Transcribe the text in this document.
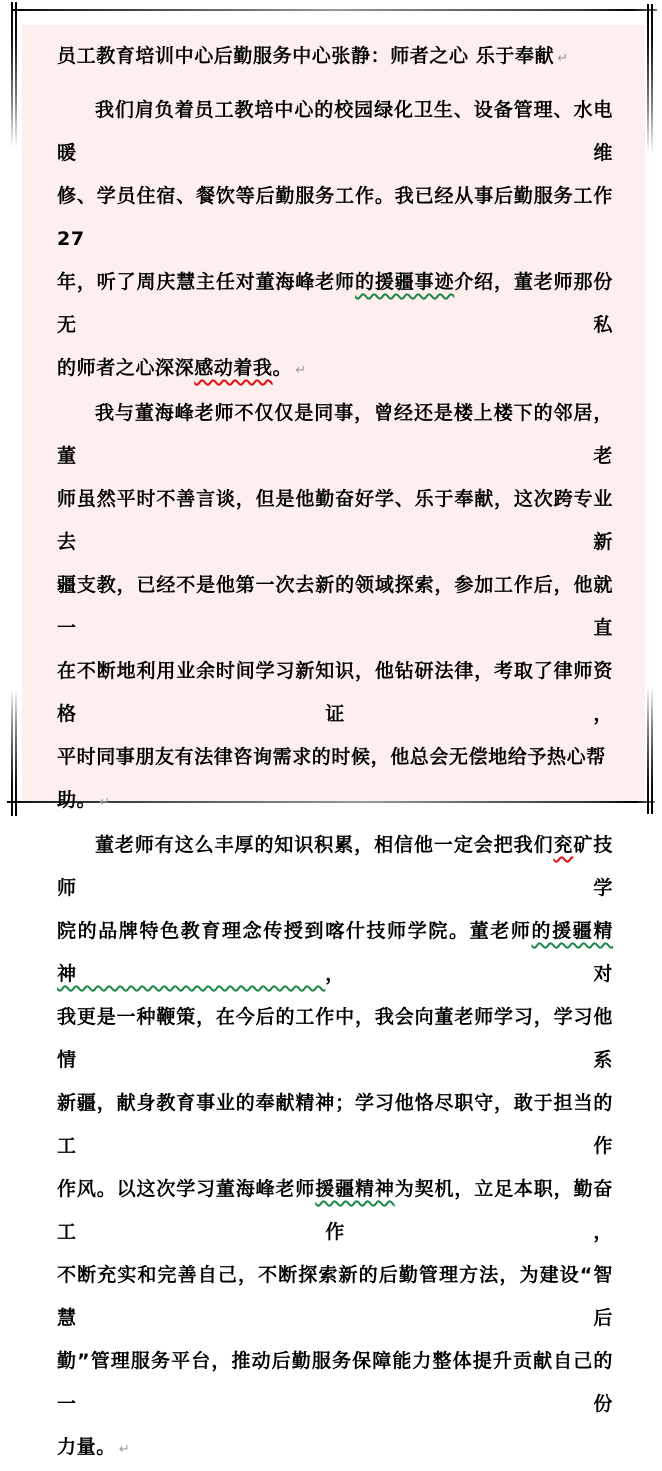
员工教育培训中心后勤服务中心张静：师者之心 乐于奉献 ↵
我们肩负着员工教培中心的校园绿化卫生、设备管理、水电暖维
修、学员住宿、餐饮等后勤服务工作。我已经从事后勤服务工作 27
年，听了周庆慧主任对董海峰老师的援疆事迹介绍，董老师那份无私
的师者之心深深感动着我。 ↵
我与董海峰老师不仅仅是同事，曾经还是楼上楼下的邻居，董老
师虽然平时不善言谈，但是他勤奋好学、乐于奉献，这次跨专业去新
疆支教，已经不是他第一次去新的领域探索，参加工作后，他就一直
在不断地利用业余时间学习新知识，他钻研法律，考取了律师资格证，
平时同事朋友有法律咨询需求的时候，他总会无偿地给予热心帮助。 ↵
董老师有这么丰厚的知识积累，相信他一定会把我们兖矿技师学
院的品牌特色教育理念传授到喀什技师学院。董老师的援疆精神，对
我更是一种鞭策，在今后的工作中，我会向董老师学习，学习他情系
新疆，献身教育事业的奉献精神；学习他恪尽职守，敢于担当的工作
作风。以这次学习董海峰老师援疆精神为契机，立足本职，勤奋工作，
不断充实和完善自己，不断探索新的后勤管理方法，为建设“智慧后
勤”管理服务平台，推动后勤服务保障能力整体提升贡献自己的一份
力量。 ↵
